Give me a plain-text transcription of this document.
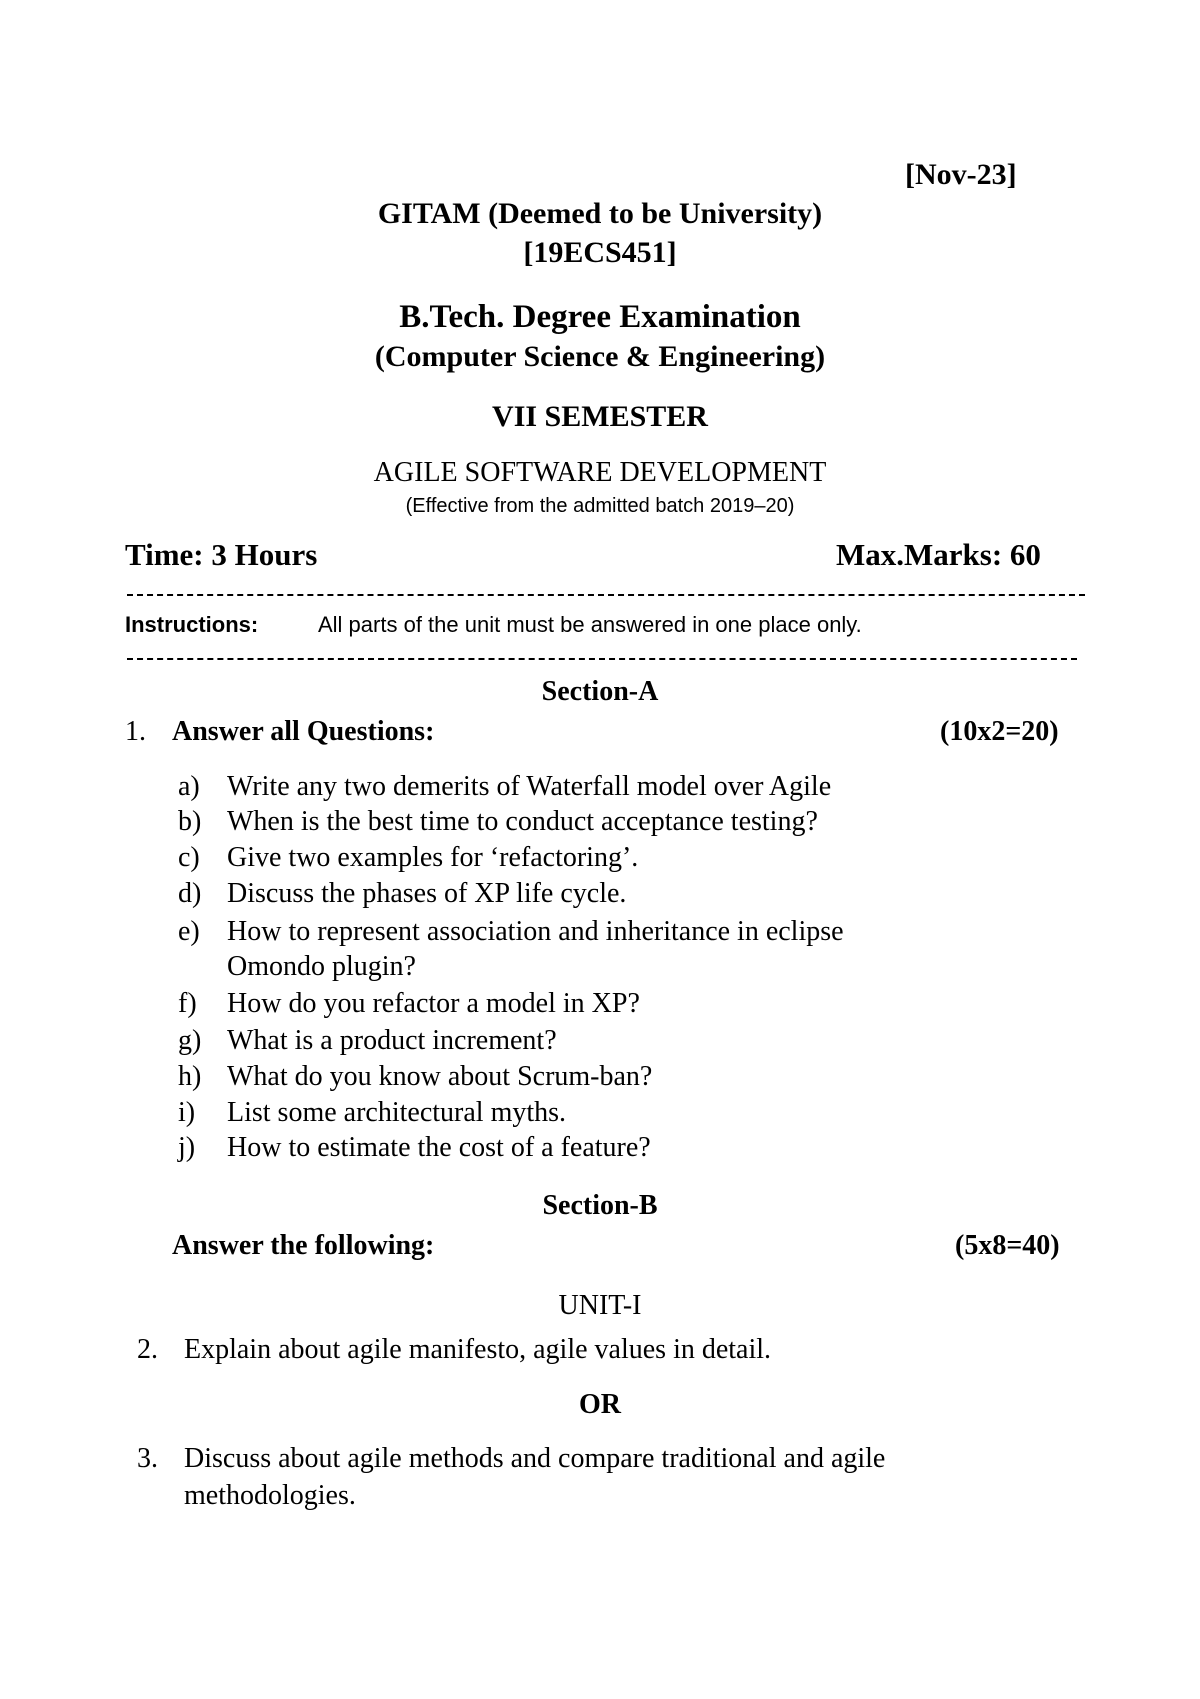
[Nov-23]
GITAM (Deemed to be University)
[19ECS451]
B.Tech. Degree Examination
(Computer Science & Engineering)
VII SEMESTER
AGILE SOFTWARE DEVELOPMENT
(Effective from the admitted batch 2019–20)
Time: 3 Hours	Max.Marks: 60
Instructions:	All parts of the unit must be answered in one place only.
Section-A
1. Answer all Questions:	(10x2=20)
a) Write any two demerits of Waterfall model over Agile
b) When is the best time to conduct acceptance testing?
c) Give two examples for ‘refactoring’.
d) Discuss the phases of XP life cycle.
e) How to represent association and inheritance in eclipse
Omondo plugin?
f) How do you refactor a model in XP?
g) What is a product increment?
h) What do you know about Scrum-ban?
i) List some architectural myths.
j) How to estimate the cost of a feature?
Section-B
Answer the following:	(5x8=40)
UNIT-I
2. Explain about agile manifesto, agile values in detail.
OR
3. Discuss about agile methods and compare traditional and agile
methodologies.
